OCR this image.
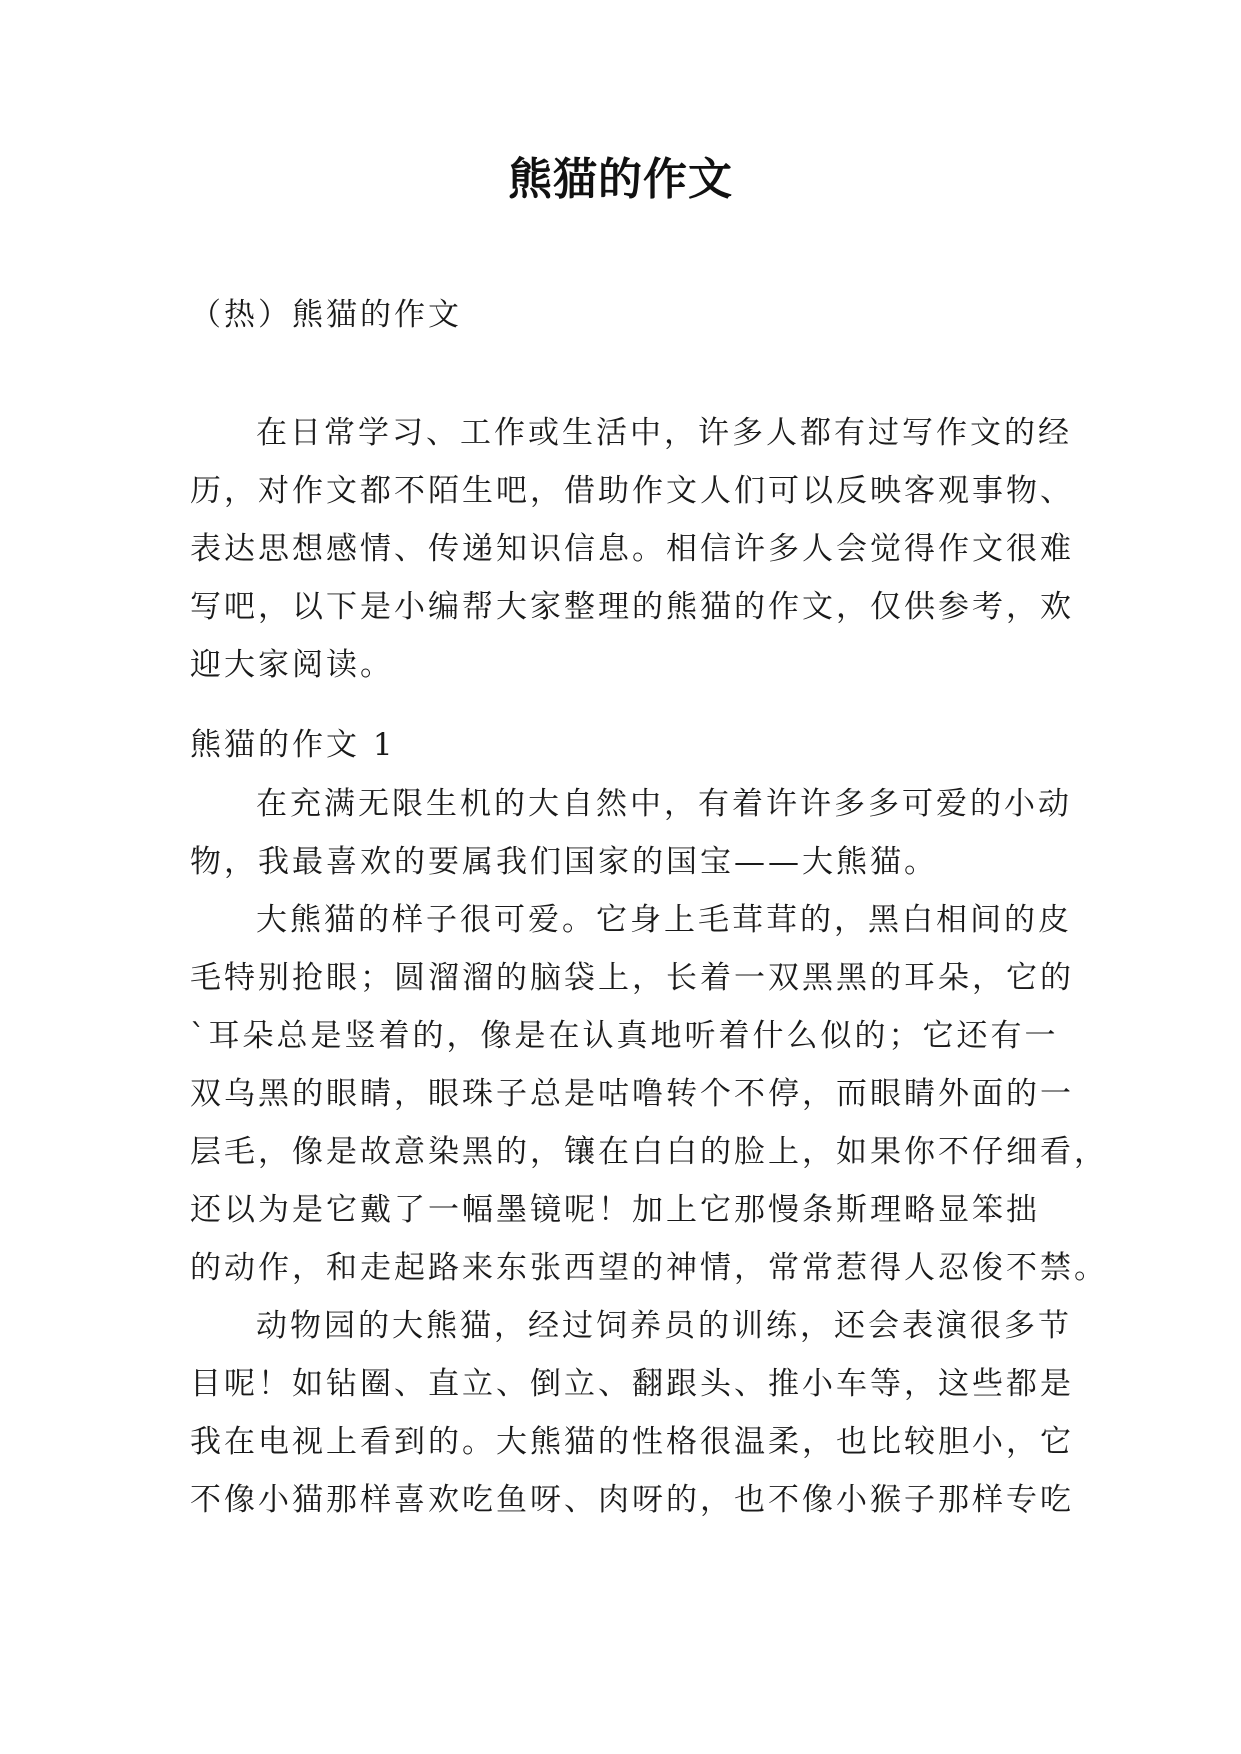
熊猫的作文
（热）熊猫的作文
在日常学习、工作或生活中，许多人都有过写作文的经
历，对作文都不陌生吧，借助作文人们可以反映客观事物、
表达思想感情、传递知识信息。相信许多人会觉得作文很难
写吧，以下是小编帮大家整理的熊猫的作文，仅供参考，欢
迎大家阅读。
熊猫的作文 1
在充满无限生机的大自然中，有着许许多多可爱的小动
物，我最喜欢的要属我们国家的国宝——大熊猫。
大熊猫的样子很可爱。它身上毛茸茸的，黑白相间的皮
毛特别抢眼；圆溜溜的脑袋上，长着一双黑黑的耳朵，它的
`耳朵总是竖着的，像是在认真地听着什么似的；它还有一
双乌黑的眼睛，眼珠子总是咕噜转个不停，而眼睛外面的一
层毛，像是故意染黑的，镶在白白的脸上，如果你不仔细看，
还以为是它戴了一幅墨镜呢！加上它那慢条斯理略显笨拙
的动作，和走起路来东张西望的神情，常常惹得人忍俊不禁。
动物园的大熊猫，经过饲养员的训练，还会表演很多节
目呢！如钻圈、直立、倒立、翻跟头、推小车等，这些都是
我在电视上看到的。大熊猫的性格很温柔，也比较胆小，它
不像小猫那样喜欢吃鱼呀、肉呀的，也不像小猴子那样专吃
